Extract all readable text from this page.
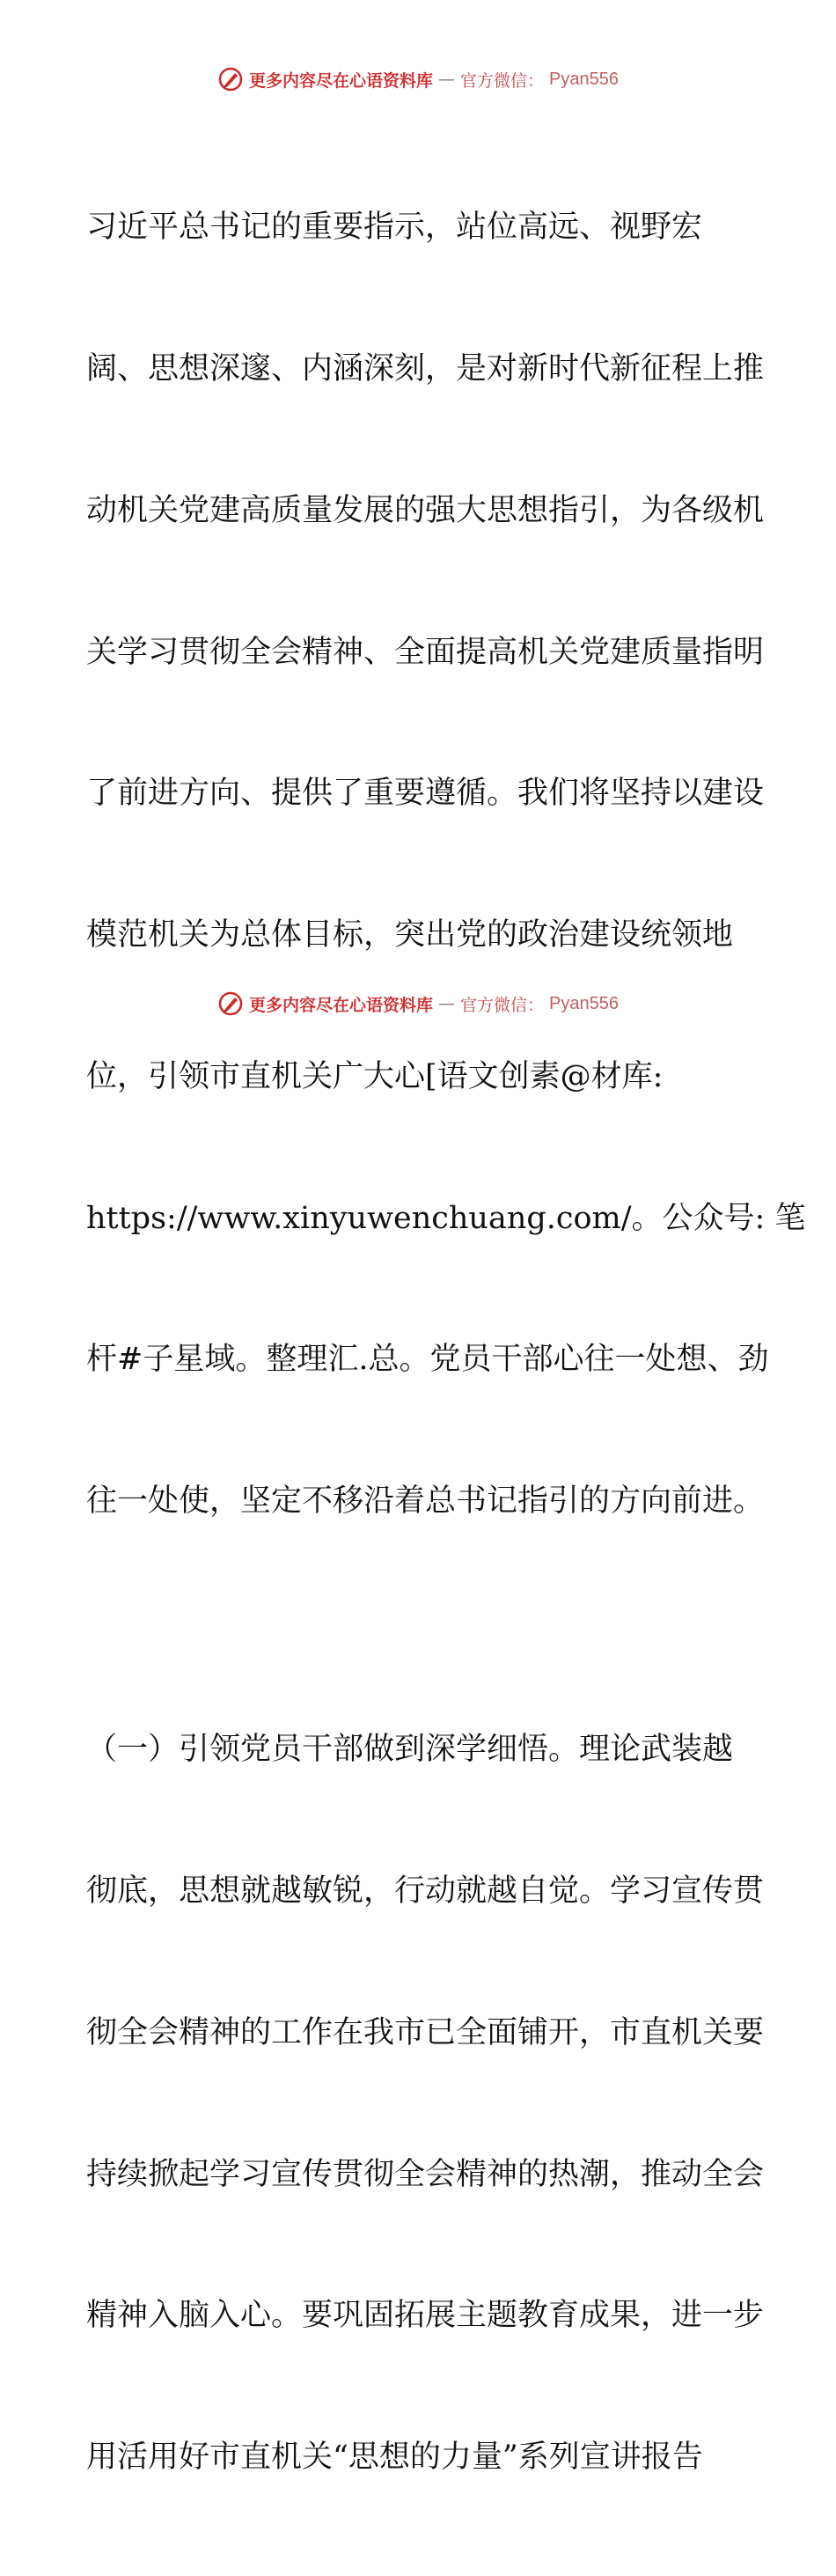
更多内容尽在心语资料库 — 官方微信： Pyan556

习近平总书记的重要指示，站位高远、视野宏

阔、思想深邃、内涵深刻，是对新时代新征程上推

动机关党建高质量发展的强大思想指引，为各级机

关学习贯彻全会精神、全面提高机关党建质量指明

了前进方向、提供了重要遵循。我们将坚持以建设

模范机关为总体目标，突出党的政治建设统领地

位，引领市直机关广大心[语文创素@材库:

https://www.xinyuwenchuang.com/。公众号: 笔

杆#子星域。整理汇.总。党员干部心往一处想、劲

往一处使，坚定不移沿着总书记指引的方向前进。

（一）引领党员干部做到深学细悟。理论武装越

彻底，思想就越敏锐，行动就越自觉。学习宣传贯

彻全会精神的工作在我市已全面铺开，市直机关要

持续掀起学习宣传贯彻全会精神的热潮，推动全会

精神入脑入心。要巩固拓展主题教育成果，进一步

用活用好市直机关“思想的力量”系列宣讲报告

更多内容尽在心语资料库 — 官方微信： Pyan556
